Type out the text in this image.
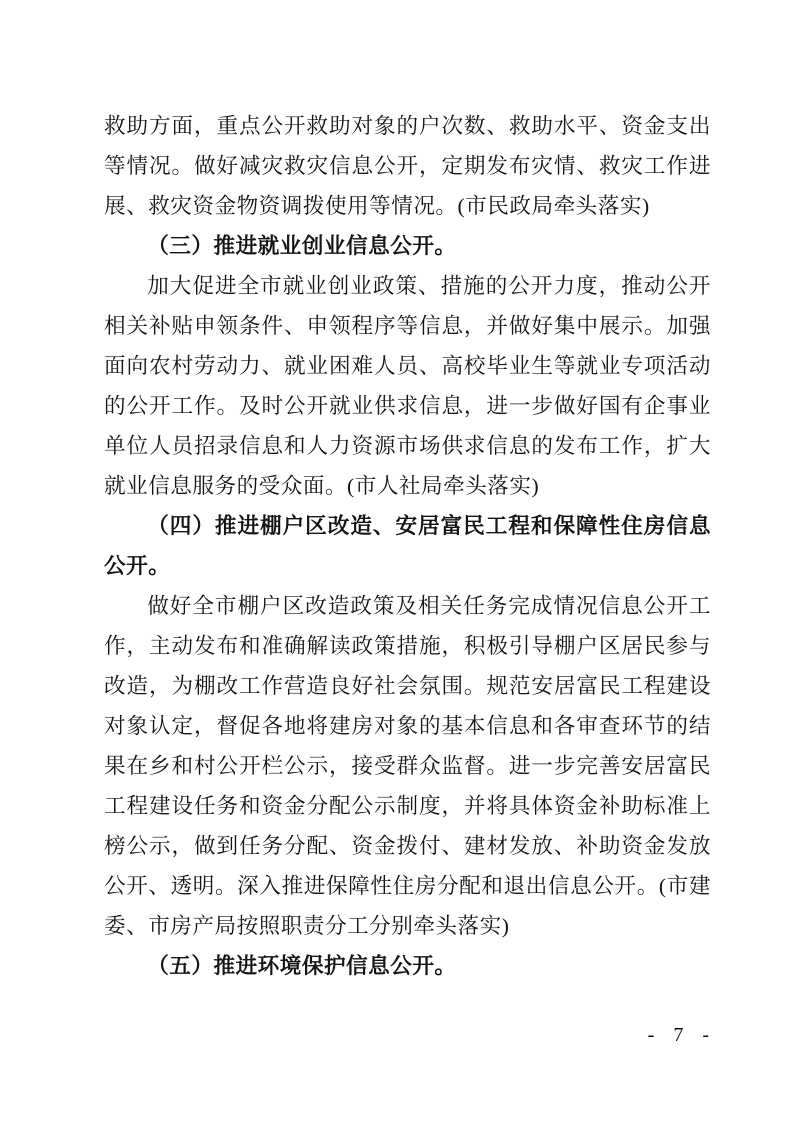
救助方面，重点公开救助对象的户次数、救助水平、资金支出等情况。做好减灾救灾信息公开，定期发布灾情、救灾工作进展、救灾资金物资调拨使用等情况。(市民政局牵头落实)

（三）推进就业创业信息公开。

加大促进全市就业创业政策、措施的公开力度，推动公开相关补贴申领条件、申领程序等信息，并做好集中展示。加强面向农村劳动力、就业困难人员、高校毕业生等就业专项活动的公开工作。及时公开就业供求信息，进一步做好国有企事业单位人员招录信息和人力资源市场供求信息的发布工作，扩大就业信息服务的受众面。(市人社局牵头落实)

（四）推进棚户区改造、安居富民工程和保障性住房信息公开。

做好全市棚户区改造政策及相关任务完成情况信息公开工作，主动发布和准确解读政策措施，积极引导棚户区居民参与改造，为棚改工作营造良好社会氛围。规范安居富民工程建设对象认定，督促各地将建房对象的基本信息和各审查环节的结果在乡和村公开栏公示，接受群众监督。进一步完善安居富民工程建设任务和资金分配公示制度，并将具体资金补助标准上榜公示，做到任务分配、资金拨付、建材发放、补助资金发放公开、透明。深入推进保障性住房分配和退出信息公开。(市建委、市房产局按照职责分工分别牵头落实)

（五）推进环境保护信息公开。

- 7 -
